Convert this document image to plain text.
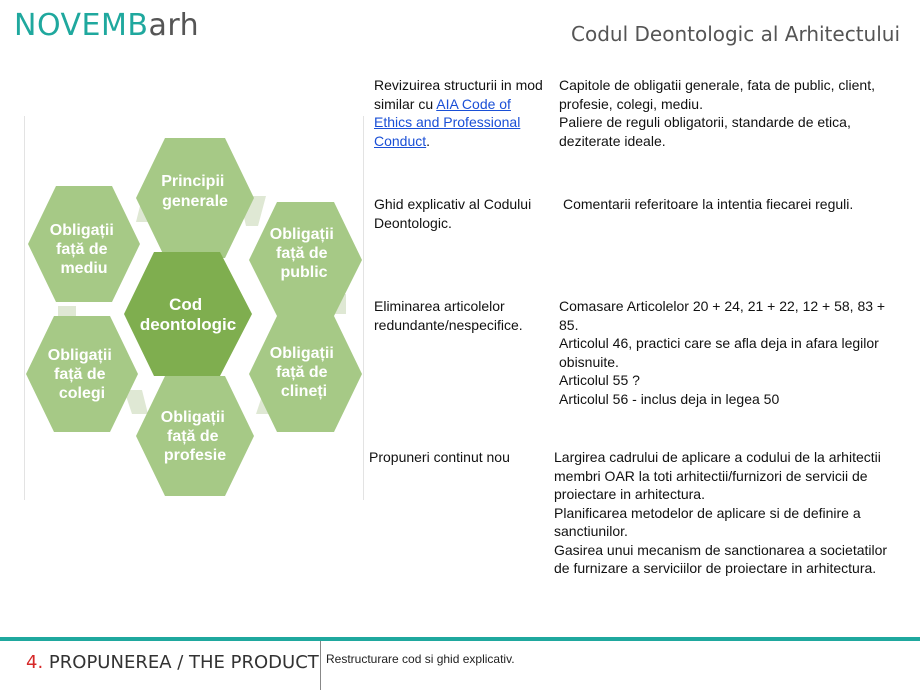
NOVEMBarh	Codul Deontologic al Arhitectului
Principii generale
Obligații față de public
Obligații față de clineți
Obligații față de profesie
Obligații față de colegi
Obligații față de mediu
Cod deontologic
Revizuirea structurii in mod similar cu AIA Code of Ethics and Professional Conduct.

Capitole de obligatii generale, fata de public, client, profesie, colegi, mediu.

Paliere de reguli obligatorii, standarde de etica, deziterate ideale.

Ghid explicativ al Codului Deontologic.

Comentarii referitoare la intentia fiecarei reguli.

Eliminarea articolelor redundante/nespecifice.

Comasare Articolelor 20 + 24, 21 + 22, 12 + 58, 83 + 85.

Articolul 46, practici care se afla deja in afara legilor obisnuite.

Articolul 55 ?

Articolul 56 - inclus deja in legea 50

Propuneri continut nou	Largirea cadrului de aplicare a codului de la arhitectii membri OAR la toti arhitectii/furnizori de servicii de proiectare in arhitectura.

Planificarea metodelor de aplicare si de definire a sanctiunilor.

Gasirea unui mecanism de sanctionarea a societatilor de furnizare a serviciilor de proiectare in arhitectura.

4. PROPUNEREA / THE PRODUCT Restructurare cod si ghid explicativ.
